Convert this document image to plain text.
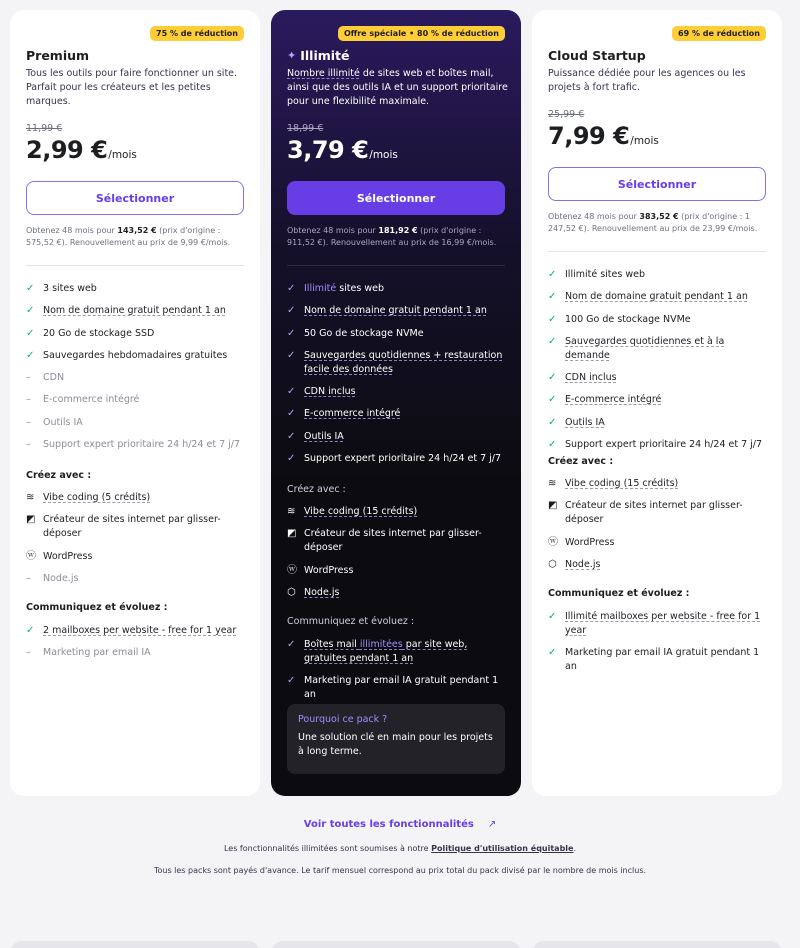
75 % de réduction
Premium
Tous les outils pour faire fonctionner un site. Parfait pour les créateurs et les petites marques.
11,99 €
2,99 € /mois
Sélectionner
Obtenez 48 mois pour 143,52 € (prix d'origine : 575,52 €). Renouvellement au prix de 9,99 €/mois.
✓ 3 sites web
✓ Nom de domaine gratuit pendant 1 an
✓ 20 Go de stockage SSD
✓ Sauvegardes hebdomadaires gratuites
–	CDN
–	E-commerce intégré
–	Outils IA
–	Support expert prioritaire 24 h/24 et 7 j/7
Créez avec :
≋ Vibe coding (5 crédits)
◩ Créateur de sites internet par glisser-déposer
ⓦ WordPress
–	Node.js
Communiquez et évoluez :
✓ 2 mailboxes per website - free for 1 year
–	Marketing par email IA
Offre spéciale • 80 % de réduction
✦ Illimité
Nombre illimité de sites web et boîtes mail, ainsi que des outils IA et un support prioritaire pour une flexibilité maximale.
18,99 €
3,79 € /mois
Sélectionner
Obtenez 48 mois pour 181,92 € (prix d'origine : 911,52 €). Renouvellement au prix de 16,99 €/mois.
✓ Illimité sites web
✓ Nom de domaine gratuit pendant 1 an
✓ 50 Go de stockage NVMe
✓ Sauvegardes quotidiennes + restauration facile des données
✓ CDN inclus
✓ E-commerce intégré
✓ Outils IA
✓ Support expert prioritaire 24 h/24 et 7 j/7
Créez avec :
≋ Vibe coding (15 crédits)
◩ Créateur de sites internet par glisser-déposer
ⓦ WordPress
⬡ Node.js
Communiquez et évoluez :
✓ Boîtes mail illimitées par site web, gratuites pendant 1 an
✓ Marketing par email IA gratuit pendant 1 an
Pourquoi ce pack ?
Une solution clé en main pour les projets à long terme.
69 % de réduction
Cloud Startup
Puissance dédiée pour les agences ou les projets à fort trafic.
25,99 €
7,99 € /mois
Sélectionner
Obtenez 48 mois pour 383,52 € (prix d'origine : 1 247,52 €). Renouvellement au prix de 23,99 €/mois.
✓ Illimité sites web
✓ Nom de domaine gratuit pendant 1 an
✓ 100 Go de stockage NVMe
✓ Sauvegardes quotidiennes et à la demande
✓ CDN inclus
✓ E-commerce intégré
✓ Outils IA
✓ Support expert prioritaire 24 h/24 et 7 j/7
Créez avec :
≋ Vibe coding (15 crédits)
◩ Créateur de sites internet par glisser-déposer
ⓦ WordPress
⬡ Node.js
Communiquez et évoluez :
✓ Illimité mailboxes per website - free for 1 year
✓ Marketing par email IA gratuit pendant 1 an
Voir toutes les fonctionnalités ↗
Les fonctionnalités illimitées sont soumises à notre Politique d'utilisation équitable.
Tous les packs sont payés d'avance. Le tarif mensuel correspond au prix total du pack divisé par le nombre de mois inclus.
